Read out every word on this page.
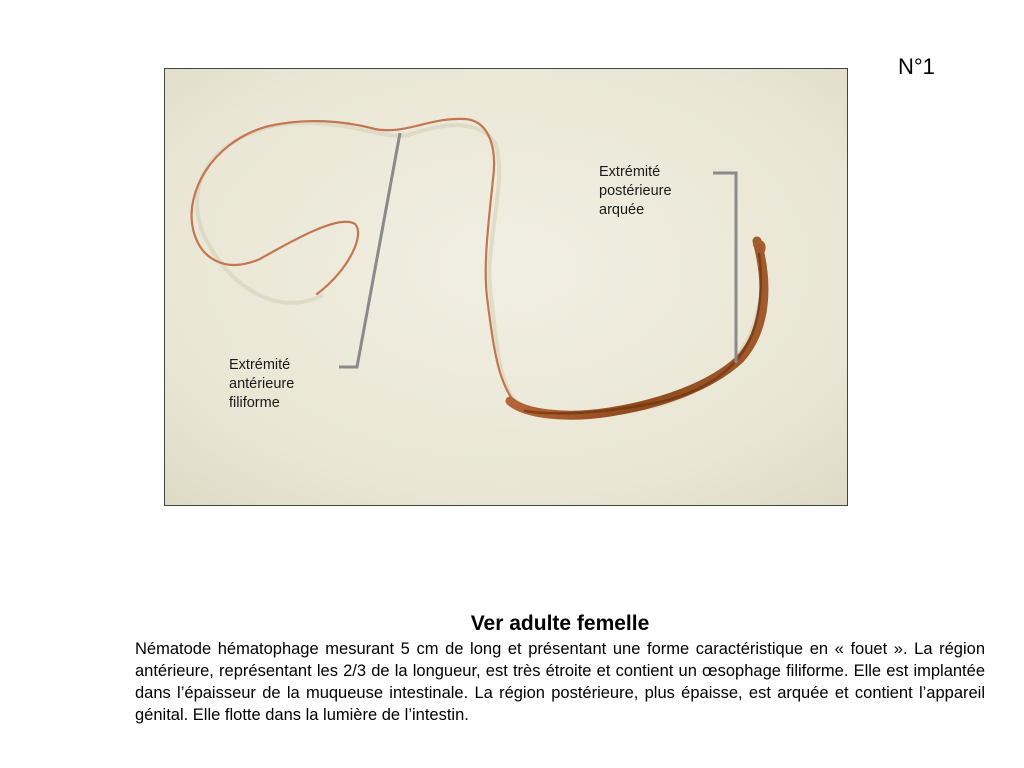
N°1
Extrémité
antérieure
filiforme
Extrémité
postérieure
arquée
Ver adulte femelle
Nématode hématophage mesurant 5 cm de long et présentant une forme caractéristique en « fouet ». La région antérieure, représentant les 2/3 de la longueur, est très étroite et contient un œsophage filiforme. Elle est implantée dans l’épaisseur de la muqueuse intestinale. La région postérieure, plus épaisse, est arquée et contient l’appareil génital. Elle flotte dans la lumière de l’intestin.
